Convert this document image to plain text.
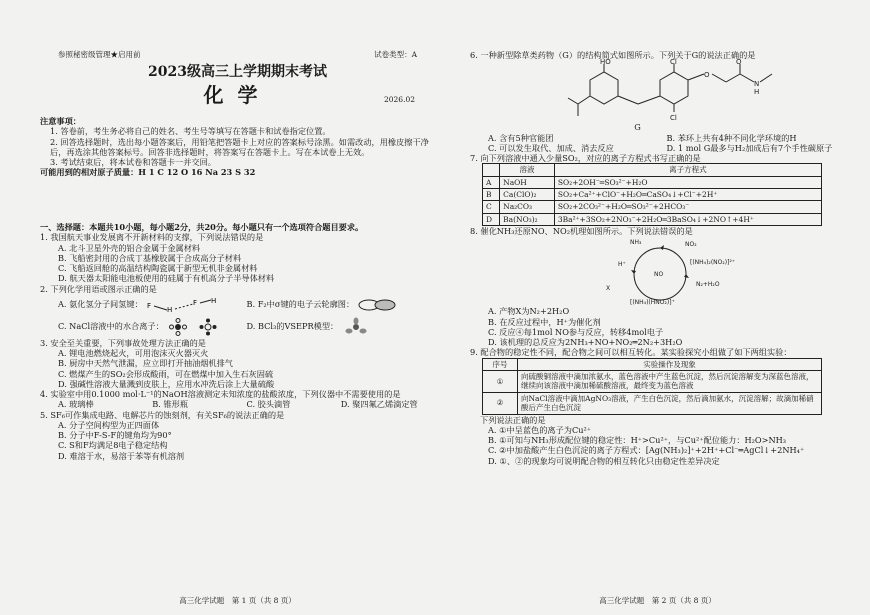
参照秘密级管理★启用前	试卷类型：A
2023级高三上学期期末考试
化学	2026.02
注意事项：
1. 答卷前，考生务必将自己的姓名、考生号等填写在答题卡和试卷指定位置。
2. 回答选择题时，选出每小题答案后，用铅笔把答题卡上对应的答案标号涂黑。如需改动，用橡皮擦干净后，再选涂其他答案标号。回答非选择题时，将答案写在答题卡上。写在本试卷上无效。
3. 考试结束后，将本试卷和答题卡一并交回。
可能用到的相对原子质量：H 1 C 12 O 16 Na 23 S 32
一、选择题：本题共10小题，每小题2分，共20分。每小题只有一个选项符合题目要求。
1. 我国航天事业发展离不开新材料的支撑，下列说法错误的是
A. 北斗卫星外壳的铝合金属于金属材料
B. 飞船密封用的合成丁基橡胶属于合成高分子材料
C. 飞船返回舱的高温结构陶瓷属于新型无机非金属材料
D. 航天器太阳能电池板使用的硅属于有机高分子半导体材料
2. 下列化学用语或图示正确的是
A. 氨化氢分子间氢键： F H
F H	B. F₂中σ键的电子云轮廓图：
C. NaCl溶液中的水合离子：	D. BCl₃的VSEPR模型：
3. 安全至关重要，下列事故处理方法正确的是
A. 锂电池燃烧起火，可用泡沫灭火器灭火
B. 厨房中天然气泄漏，应立即打开抽油烟机排气
C. 燃煤产生的SO₂会形成酸雨，可在燃煤中加入生石灰固硫
D. 强碱性溶液大量溅到皮肤上，应用水冲洗后涂上大量硫酸
4. 实验室中用0.1000 mol·L⁻¹的NaOH溶液测定未知浓度的盐酸浓度，下列仪器中不需要使用的是
A. 玻璃棒	B. 锥形瓶	C. 胶头滴管	D. 聚四氟乙烯滴定管
5. SF₆可作集成电路、电解芯片的蚀刻剂，有关SF₆的说法正确的是
A. 分子空间构型为正四面体
B. 分子中F-S-F的键角均为90°
C. S和F均满足8电子稳定结构
D. 难溶于水，易溶于苯等有机溶剂
高三化学试题　第 1 页（共 8 页）
6. 一种新型除草类药物（G）的结构简式如图所示。下列关于G的说法正确的是
HO	Cl
Cl
O
O
N
H
G
A. 含有5种官能团	B. 苯环上共有4种不同化学环境的H
C. 可以发生取代、加成、消去反应	D. 1 mol G最多与H₂加成后有7个手性碳原子
7. 向下列溶液中通入少量SO₂，对应的离子方程式书写正确的是
	溶液	离子方程式
A	NaOH	SO₂+2OH⁻═SO₃²⁻+H₂O
B	Ca(ClO)₂	SO₂+Ca²⁺+ClO⁻+H₂O═CaSO₄↓+Cl⁻+2H⁺
C	Na₂CO₃	SO₂+2CO₃²⁻+H₂O═SO₃²⁻+2HCO₃⁻
D	Ba(NO₃)₂	3Ba²⁺+3SO₂+2NO₃⁻+2H₂O═3BaSO₄↓+2NO↑+4H⁺
8. 催化NH₃还原NO、NO₂机理如图所示。下列说法错误的是
NH₃	NO₂
[(NH₄)₂(NO₂)]²⁺
N₂+H₂O
H⁺
X
[(NH₄)(HNO₂)]⁺
NO
A. 产物X为N₂+2H₂O
B. 在反应过程中，H⁺为催化剂
C. 反应④每1mol NO参与反应，转移4mol电子
D. 该机理的总反应为2NH₃+NO+NO₂═2N₂+3H₂O
9. 配合物的稳定性不同，配合物之间可以相互转化。某实验探究小组做了如下两组实验：
序号	实验操作及现象
①	向硫酸铜溶液中滴加浓氨水，蓝色溶液中产生蓝色沉淀，然后沉淀溶解变为深蓝色溶液，继续向该溶液中滴加稀硫酸溶液，最终变为蓝色溶液
②	向NaCl溶液中滴加AgNO₃溶液，产生白色沉淀，然后滴加氨水，沉淀溶解；故滴加稀硝酸后产生白色沉淀
下列说法正确的是
A. ①中呈蓝色的离子为Cu²⁺
B. ①可知与NH₃形成配位键的稳定性：H⁺>Cu²⁺，与Cu²⁺配位能力：H₂O>NH₃
C. ②中加盐酸产生白色沉淀的离子方程式：[Ag(NH₃)₂]⁺+2H⁺+Cl⁻═AgCl↓+2NH₄⁺
D. ①、②的现象均可说明配合物的相互转化只由稳定性差异决定
高三化学试题　第 2 页（共 8 页）
